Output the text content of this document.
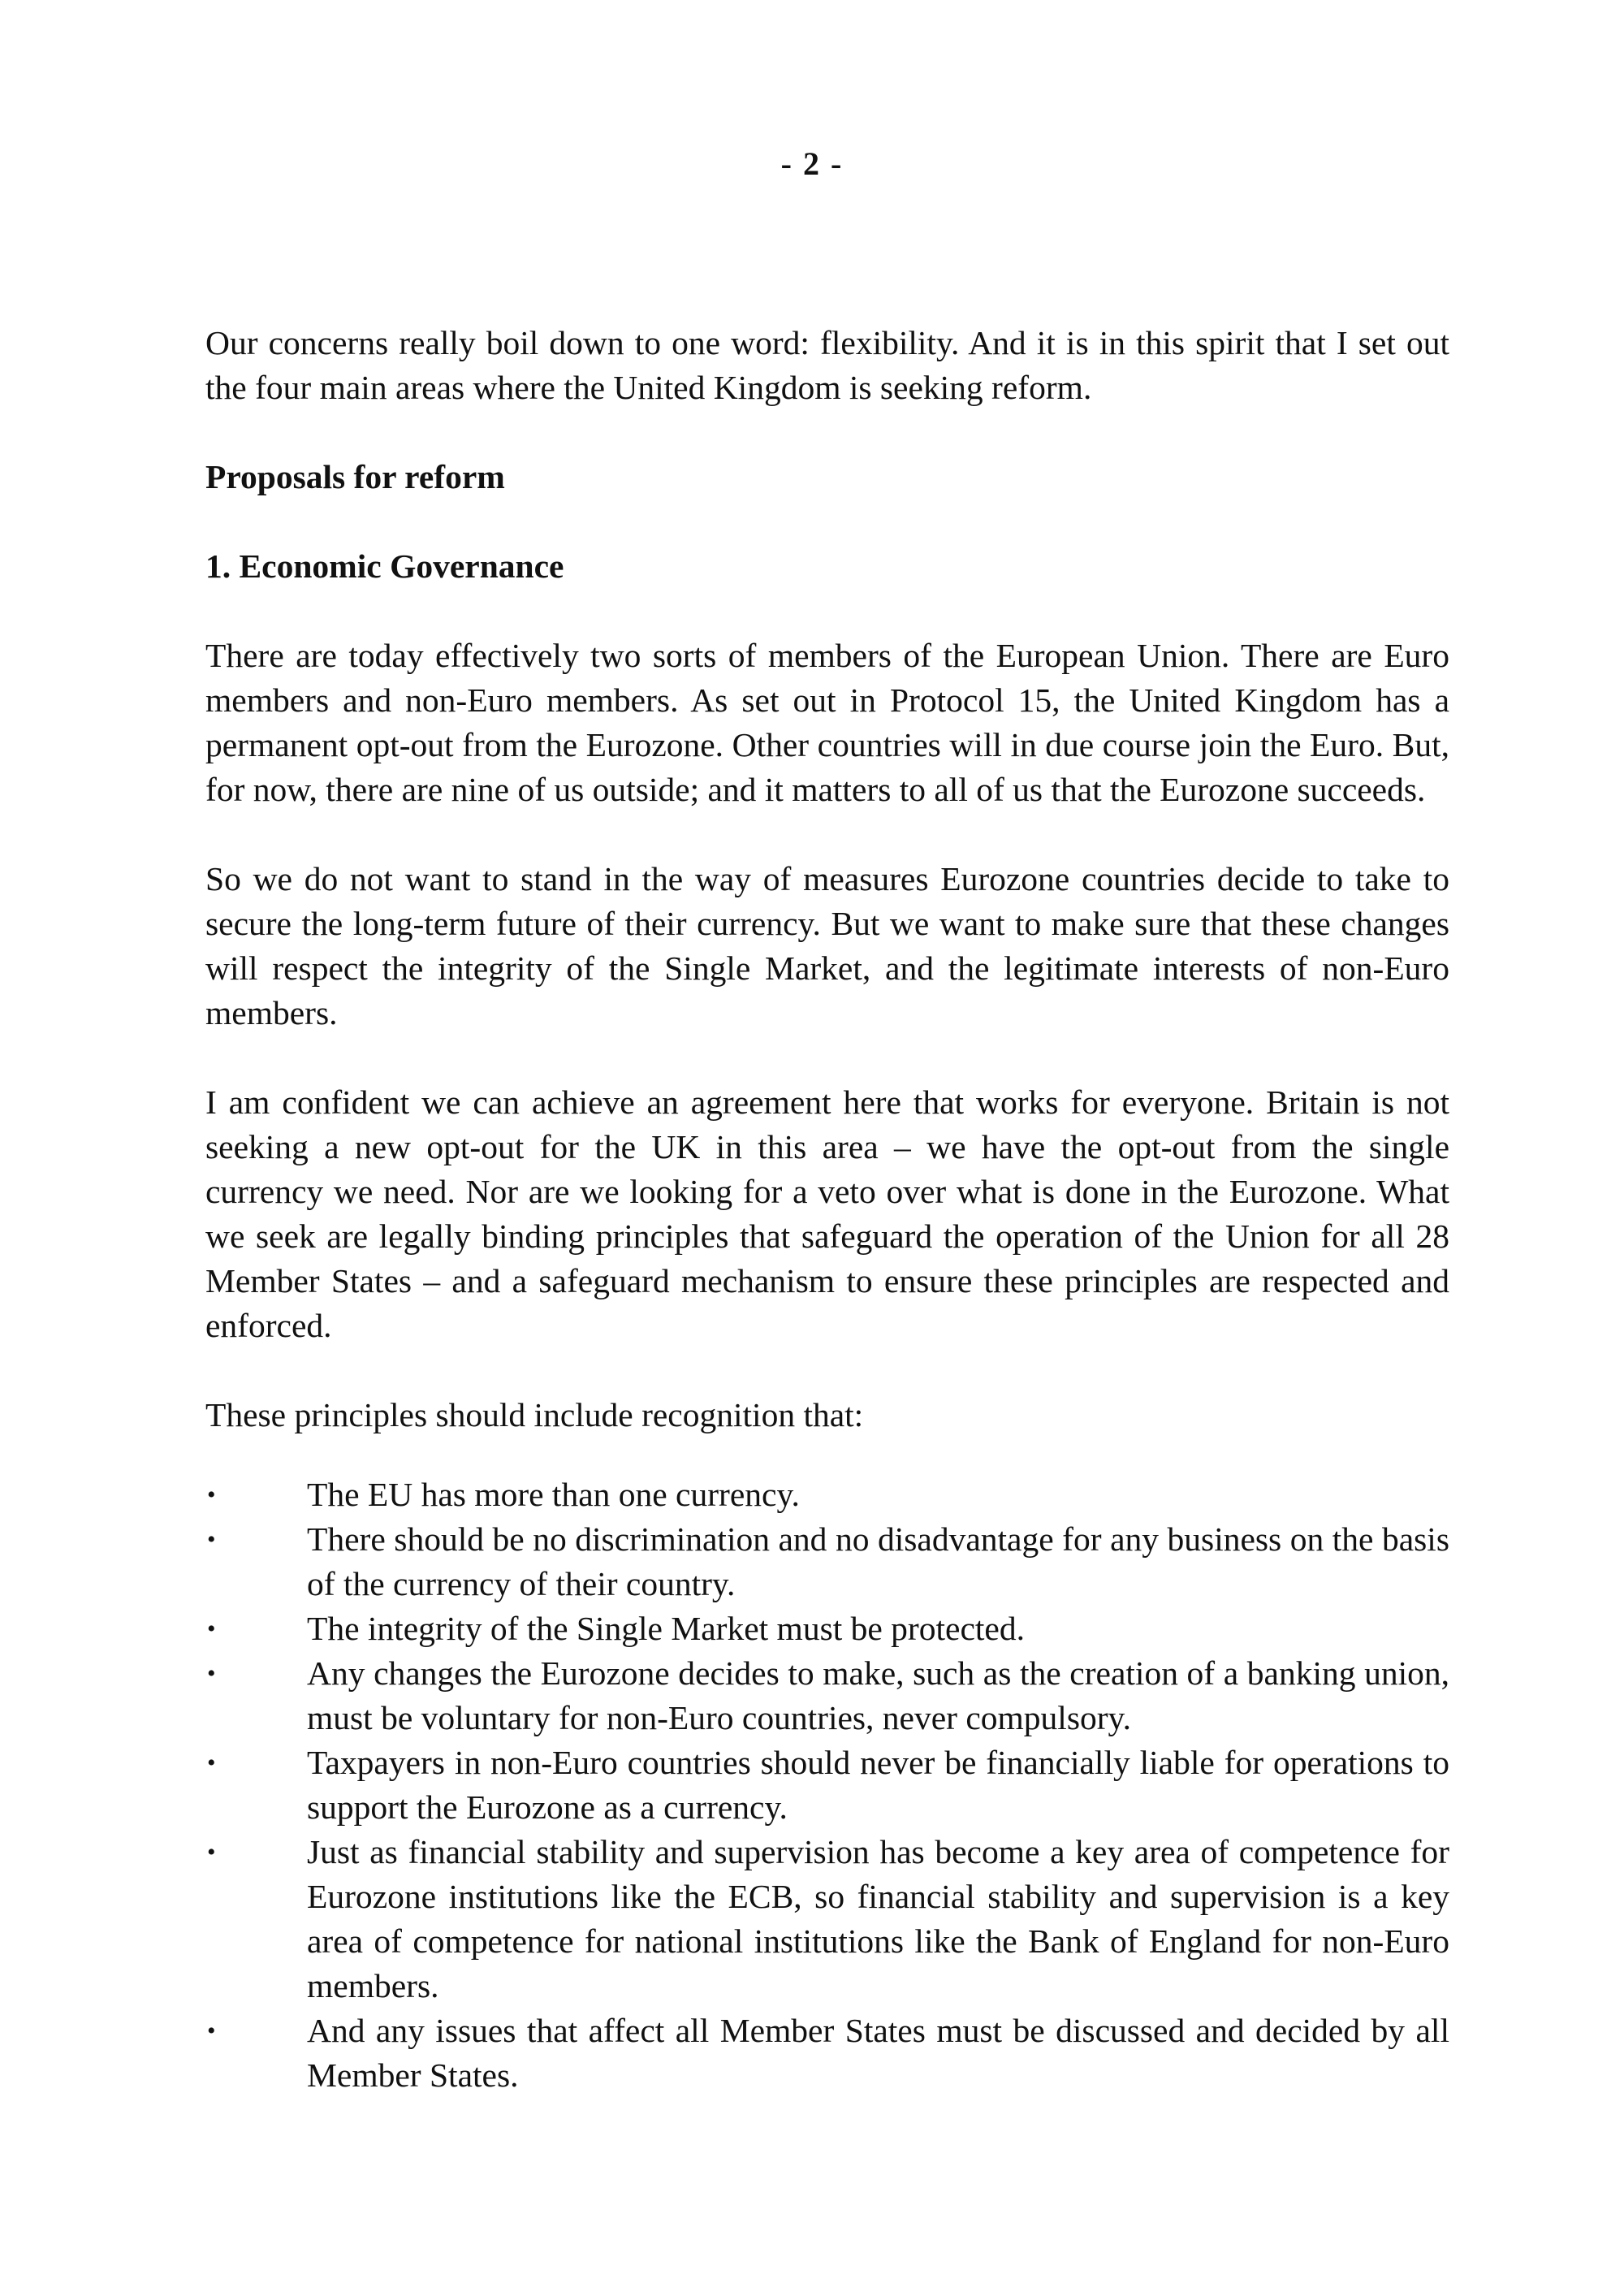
- 2 -

Our concerns really boil down to one word: flexibility. And it is in this spirit that I set out the four main areas where the United Kingdom is seeking reform.

Proposals for reform
1. Economic Governance

There are today effectively two sorts of members of the European Union. There are Euro members and non-Euro members. As set out in Protocol 15, the United Kingdom has a permanent opt-out from the Eurozone. Other countries will in due course join the Euro. But, for now, there are nine of us outside; and it matters to all of us that the Eurozone succeeds.

So we do not want to stand in the way of measures Eurozone countries decide to take to secure the long-term future of their currency. But we want to make sure that these changes will respect the integrity of the Single Market, and the legitimate interests of non-Euro members.

I am confident we can achieve an agreement here that works for everyone. Britain is not seeking a new opt-out for the UK in this area – we have the opt-out from the single currency we need. Nor are we looking for a veto over what is done in the Eurozone. What we seek are legally binding principles that safeguard the operation of the Union for all 28 Member States – and a safeguard mechanism to ensure these principles are respected and enforced.

These principles should include recognition that:

•	The EU has more than one currency.
•	There should be no discrimination and no disadvantage for any business on the basis of the currency of their country.
•	The integrity of the Single Market must be protected.
•	Any changes the Eurozone decides to make, such as the creation of a banking union, must be voluntary for non-Euro countries, never compulsory.
•	Taxpayers in non-Euro countries should never be financially liable for operations to support the Eurozone as a currency.
•	Just as financial stability and supervision has become a key area of competence for Eurozone institutions like the ECB, so financial stability and supervision is a key area of competence for national institutions like the Bank of England for non-Euro members.
•	And any issues that affect all Member States must be discussed and decided by all Member States.
